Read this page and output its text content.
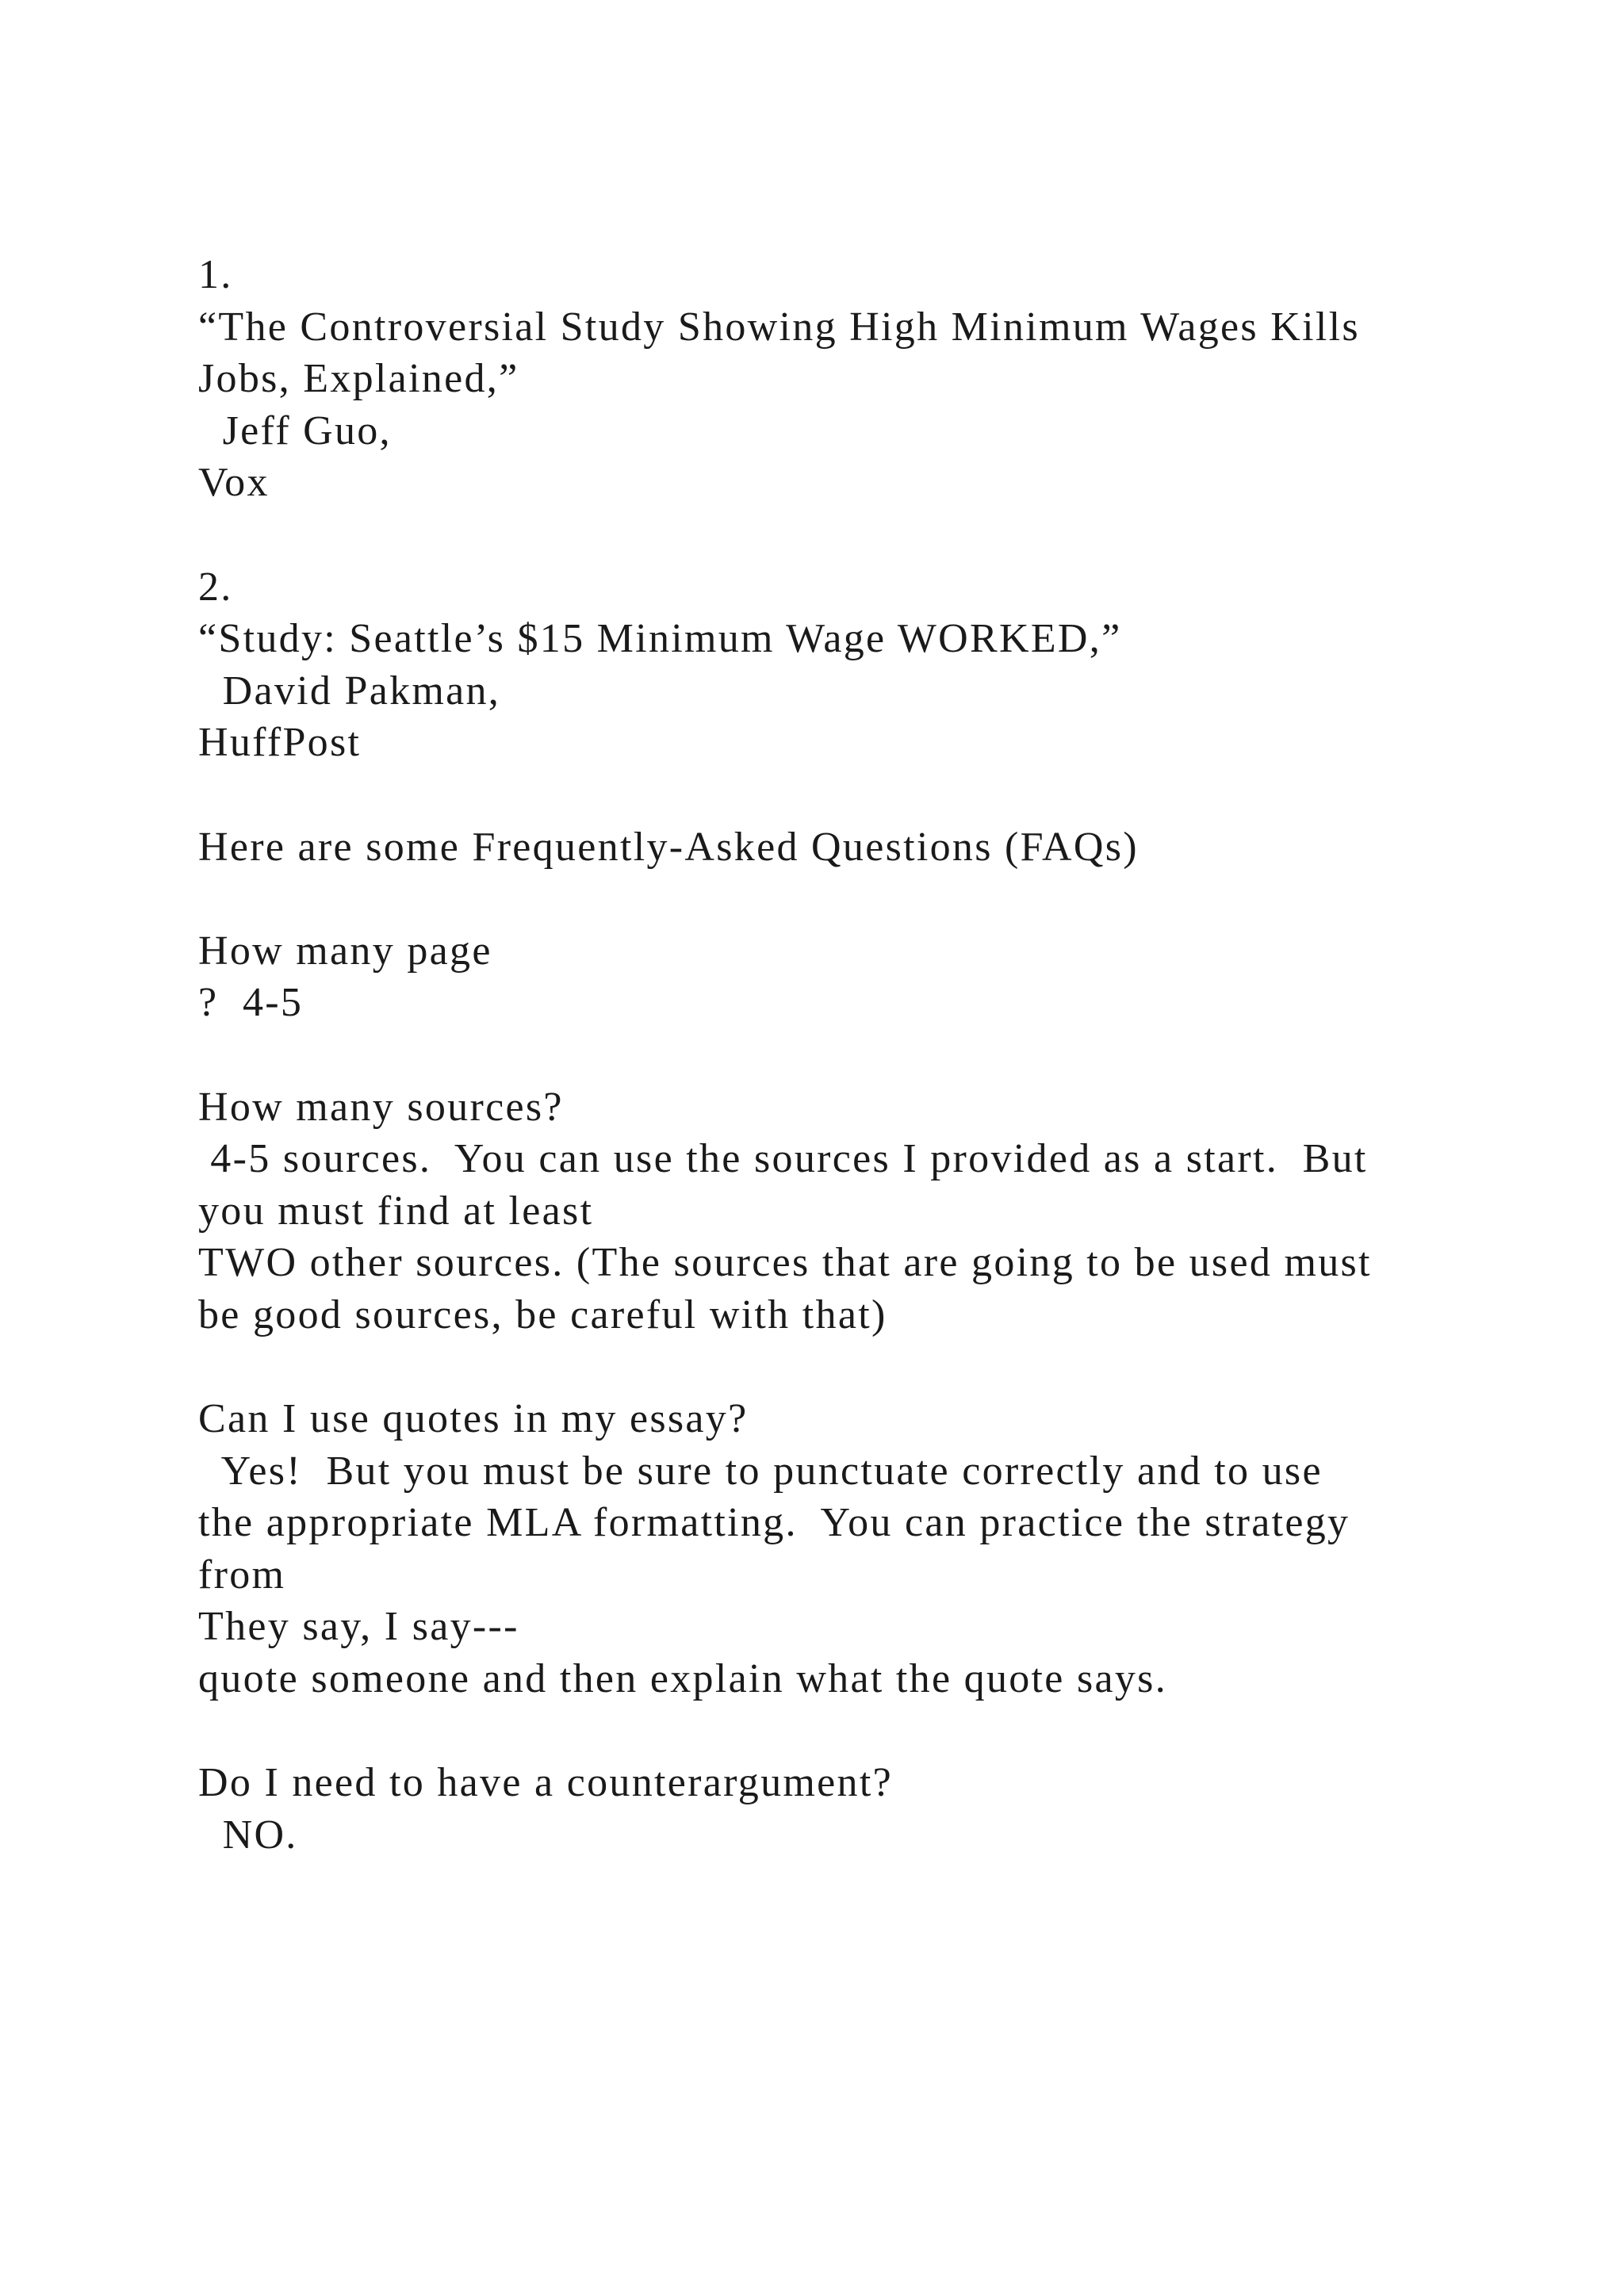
1.
“The Controversial Study Showing High Minimum Wages Kills
Jobs, Explained,”
Jeff Guo,
Vox
2.
“Study: Seattle’s $15 Minimum Wage WORKED,”
David Pakman,
HuffPost
Here are some Frequently-Asked Questions (FAQs)
How many page
?  4-5
How many sources?
4-5 sources.  You can use the sources I provided as a start.  But
you must find at least
TWO other sources. (The sources that are going to be used must
be good sources, be careful with that)
Can I use quotes in my essay?
Yes!  But you must be sure to punctuate correctly and to use
the appropriate MLA formatting.  You can practice the strategy
from
They say, I say---
quote someone and then explain what the quote says.
Do I need to have a counterargument?
NO.
